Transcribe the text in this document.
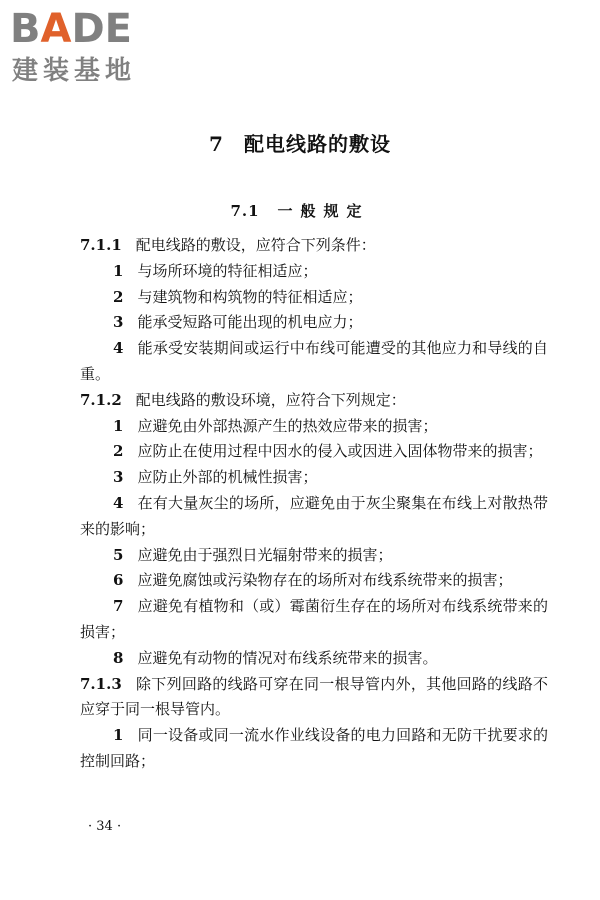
BADE
建装基地
7 配电线路的敷设
7.1 一般规定

7.1.1 配电线路的敷设，应符合下列条件：

1 与场所环境的特征相适应；

2 与建筑物和构筑物的特征相适应；

3 能承受短路可能出现的机电应力；

4 能承受安装期间或运行中布线可能遭受的其他应力和导线的自重。

7.1.2 配电线路的敷设环境，应符合下列规定：

1 应避免由外部热源产生的热效应带来的损害；

2 应防止在使用过程中因水的侵入或因进入固体物带来的损害；

3 应防止外部的机械性损害；

4 在有大量灰尘的场所，应避免由于灰尘聚集在布线上对散热带来的影响；

5 应避免由于强烈日光辐射带来的损害；

6 应避免腐蚀或污染物存在的场所对布线系统带来的损害；

7 应避免有植物和（或）霉菌衍生存在的场所对布线系统带来的损害；

8 应避免有动物的情况对布线系统带来的损害。

7.1.3 除下列回路的线路可穿在同一根导管内外，其他回路的线路不应穿于同一根导管内。

1 同一设备或同一流水作业线设备的电力回路和无防干扰要求的控制回路；

· 34 ·
